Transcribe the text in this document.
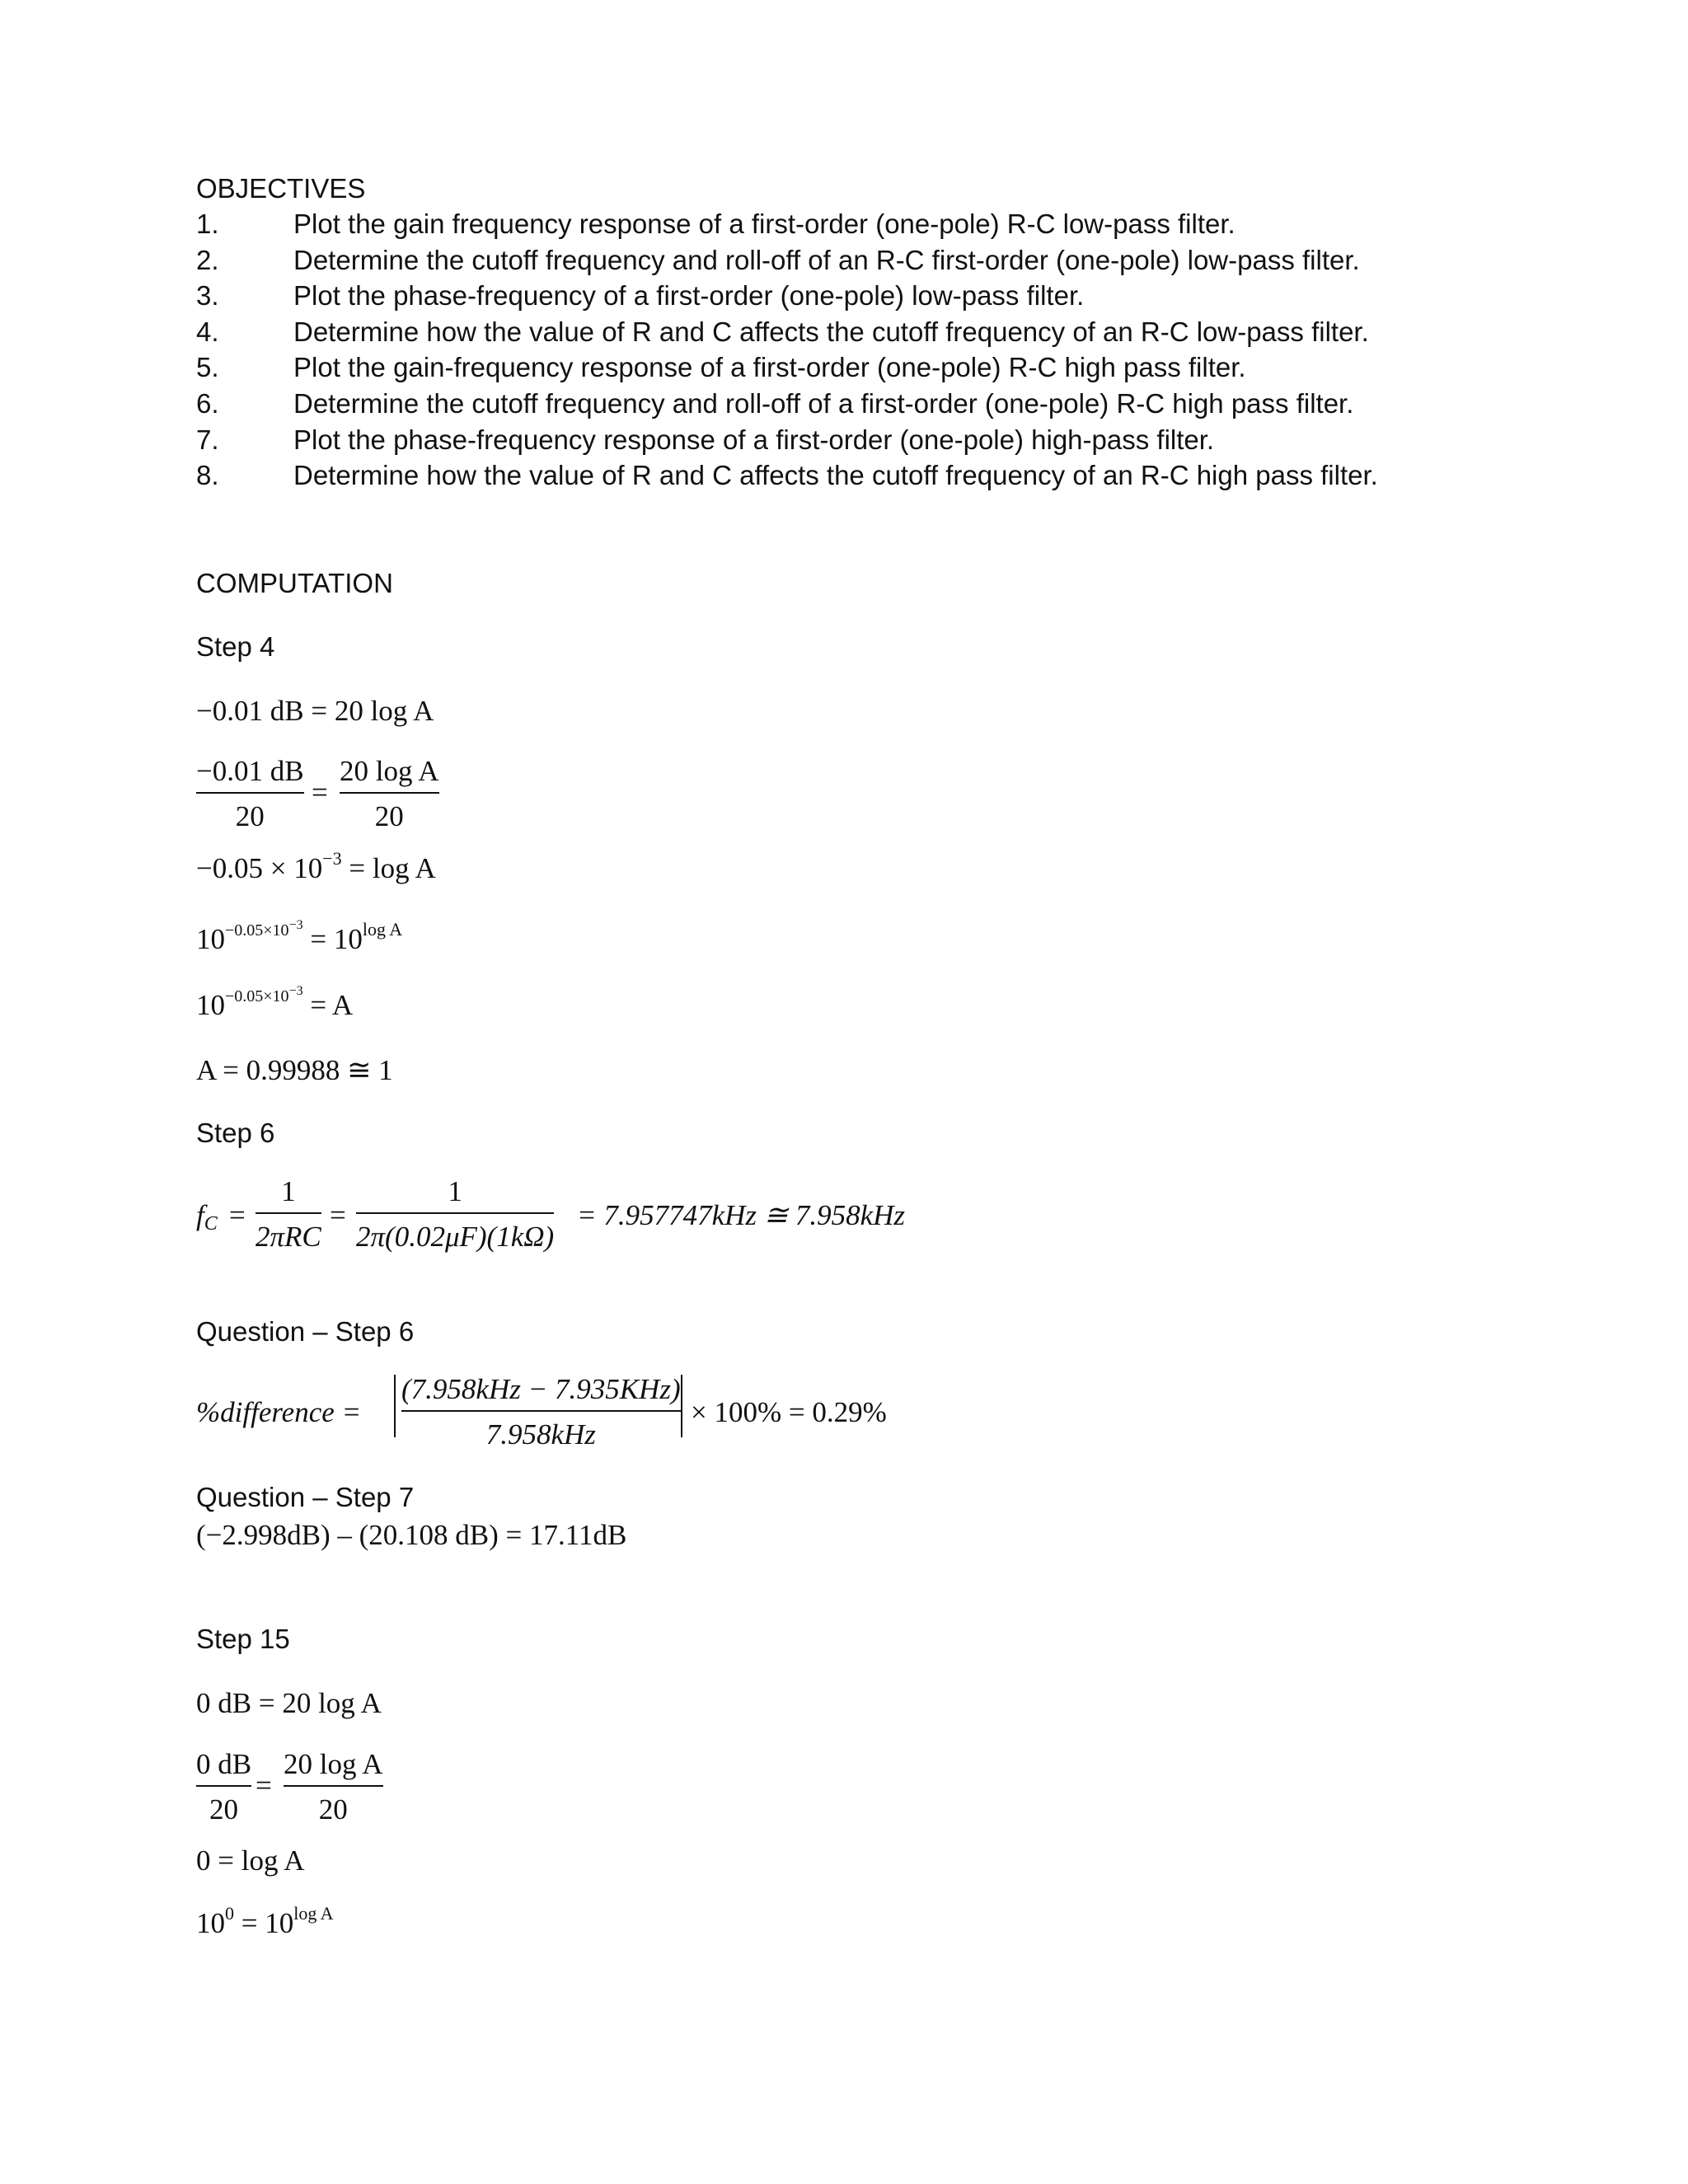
OBJECTIVES
1.	Plot the gain frequency response of a first-order (one-pole) R-C low-pass filter.
2.	Determine the cutoff frequency and roll-off of an R-C first-order (one-pole) low-pass filter.
3.	Plot the phase-frequency of a first-order (one-pole) low-pass filter.
4.	Determine how the value of R and C affects the cutoff frequency of an R-C low-pass filter.
5.	Plot the gain-frequency response of a first-order (one-pole) R-C high pass filter.
6.	Determine the cutoff frequency and roll-off of a first-order (one-pole) R-C high pass filter.
7.	Plot the phase-frequency response of a first-order (one-pole) high-pass filter.
8.	Determine how the value of R and C affects the cutoff frequency of an R-C high pass filter.
COMPUTATION
Step 4
−0.01 dB = 20 log A
−0.01 dB
20
=
20 log A
20
$-0.05 \times 10^{-3} = \log A$
$10^{-0.05\times 10^{-3}} = 10^{log A}$
$10^{-0.05\times 10^{-3}} = A$
A = 0.99988 ≅ 1
Step 6
fC =
1
2πRC
=
1
2π(0.02μF)(1kΩ)
= 7.957747kHz ≅ 7.958kHz
Question – Step 6
%difference =
(7.958kHz − 7.935KHz)
7.958kHz
× 100% = 0.29%
Question – Step 7
(−2.998dB) – (20.108 dB) = 17.11dB
Step 15
0 dB = 20 log A
0 dB
20
=
20 log A
20
0 = log A
$10^0 = 10^{log A}$
